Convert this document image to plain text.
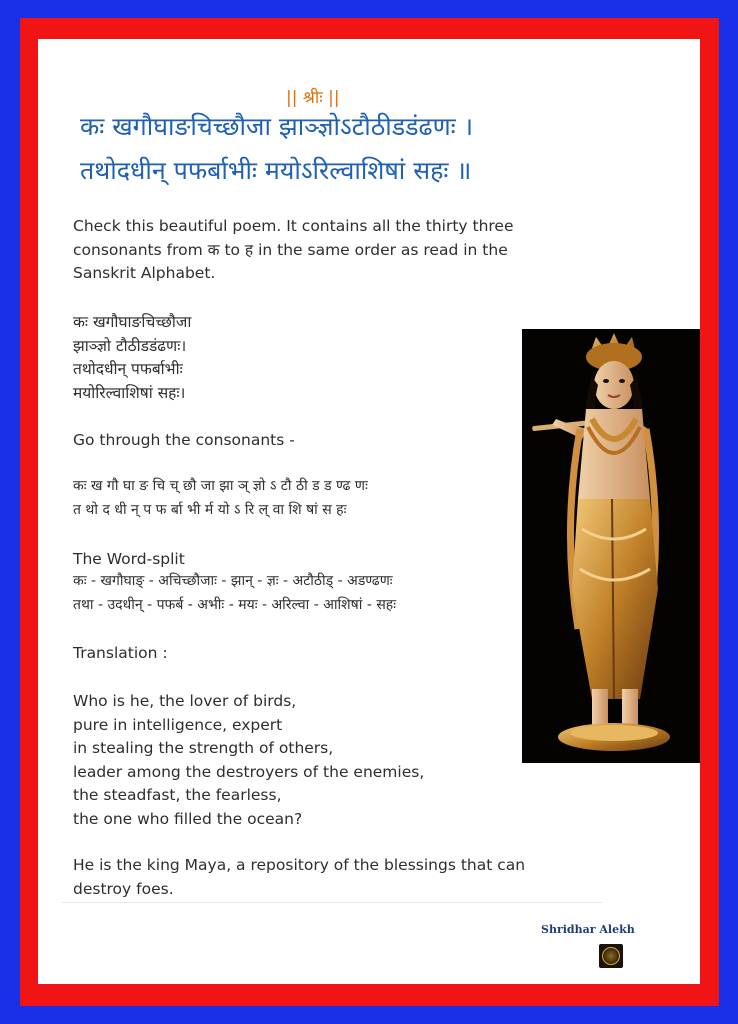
|| श्रीः ||
कः खगौघाङचिच्छौजा झाञ्ज्ञोऽटौठीडडंढणः ।
तथोदधीन् पफर्बाभीः मयोऽरिल्वाशिषां सहः ॥
Check this beautiful poem. It contains all the thirty three
consonants from क to ह in the same order as read in the
Sanskrit Alphabet.
कः खगौघाङचिच्छौजा
झाञ्ज्ञो टौठीडडंढणः।
तथोदधीन् पफर्बाभीः
मयोरिल्वाशिषां सहः।
Go through the consonants -
कः ख गौ घा ङ चि च् छौ जा झा ञ् ज्ञो ऽ टौ ठी ड ड ण्ढ णः
त थो द धी न् प फ र्बा भी र्म यो ऽ रि ल् वा शि षां स हः
The Word-split
कः - खगौघाङ् - अचिच्छौजाः - झान् - ज्ञः - अटौठीड् - अडण्ढणः
तथा - उदधीन् - पफर्ब - अभीः - मयः - अरिल्वा - आशिषां - सहः
Translation :
Who is he, the lover of birds,
pure in intelligence, expert
in stealing the strength of others,
leader among the destroyers of the enemies,
the steadfast, the fearless,
the one who filled the ocean?
He is the king Maya, a repository of the blessings that can
destroy foes.
Shridhar Alekh
